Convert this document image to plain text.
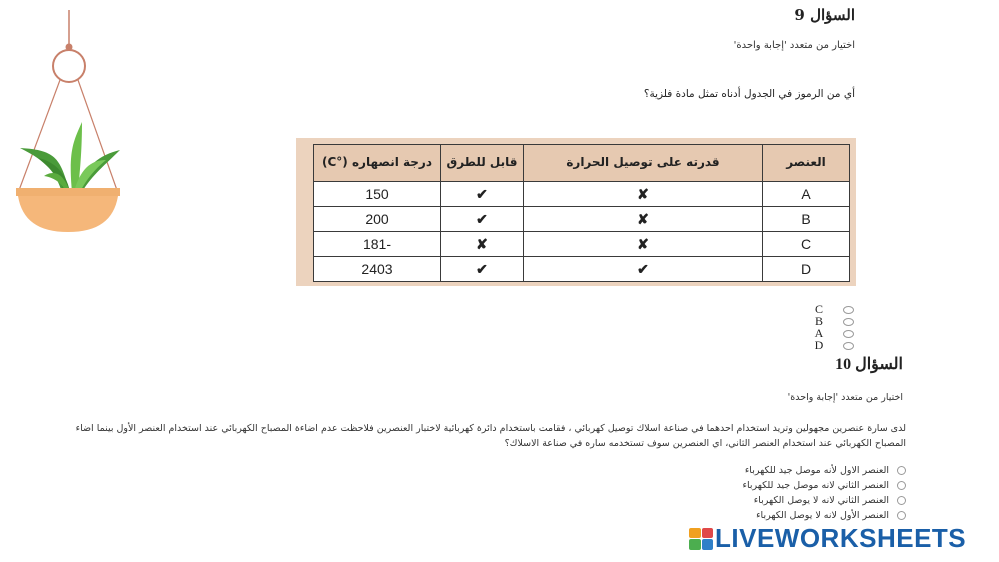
السؤال 9
اختيار من متعدد 'إجابة واحدة'
أي من الرموز في الجدول أدناه تمثل مادة فلزية؟
العنصر	قدرته على توصيل الحرارة	قابل للطرق	درجة انصهاره (°C)
A	✘	✔	150
B	✘	✔	200
C	✘	✘	-181
D	✔	✔	2403
C
B
A
D
السؤال 10
اختيار من متعدد 'إجابة واحدة'
لدى سارة عنصرين مجهولين وتريد استخدام احدهما في صناعة اسلاك توصيل كهربائي ، فقامت باستخدام دائرة كهربائية لاختبار العنصرين فلاحظت عدم اضاءة المصباح الكهربائي عند استخدام العنصر الأول بينما اضاء المصباح الكهربائي عند استخدام العنصر الثاني، اي العنصرين سوف تستخدمه ساره في صناعة الاسلاك؟
العنصر الاول لأنه موصل جيد للكهرباء
العنصر الثاني لانه موصل جيد للكهرباء
العنصر الثاني لانه لا يوصل الكهرباء
العنصر الأول لانه لا يوصل الكهرباء
LIVEWORKSHEETS
